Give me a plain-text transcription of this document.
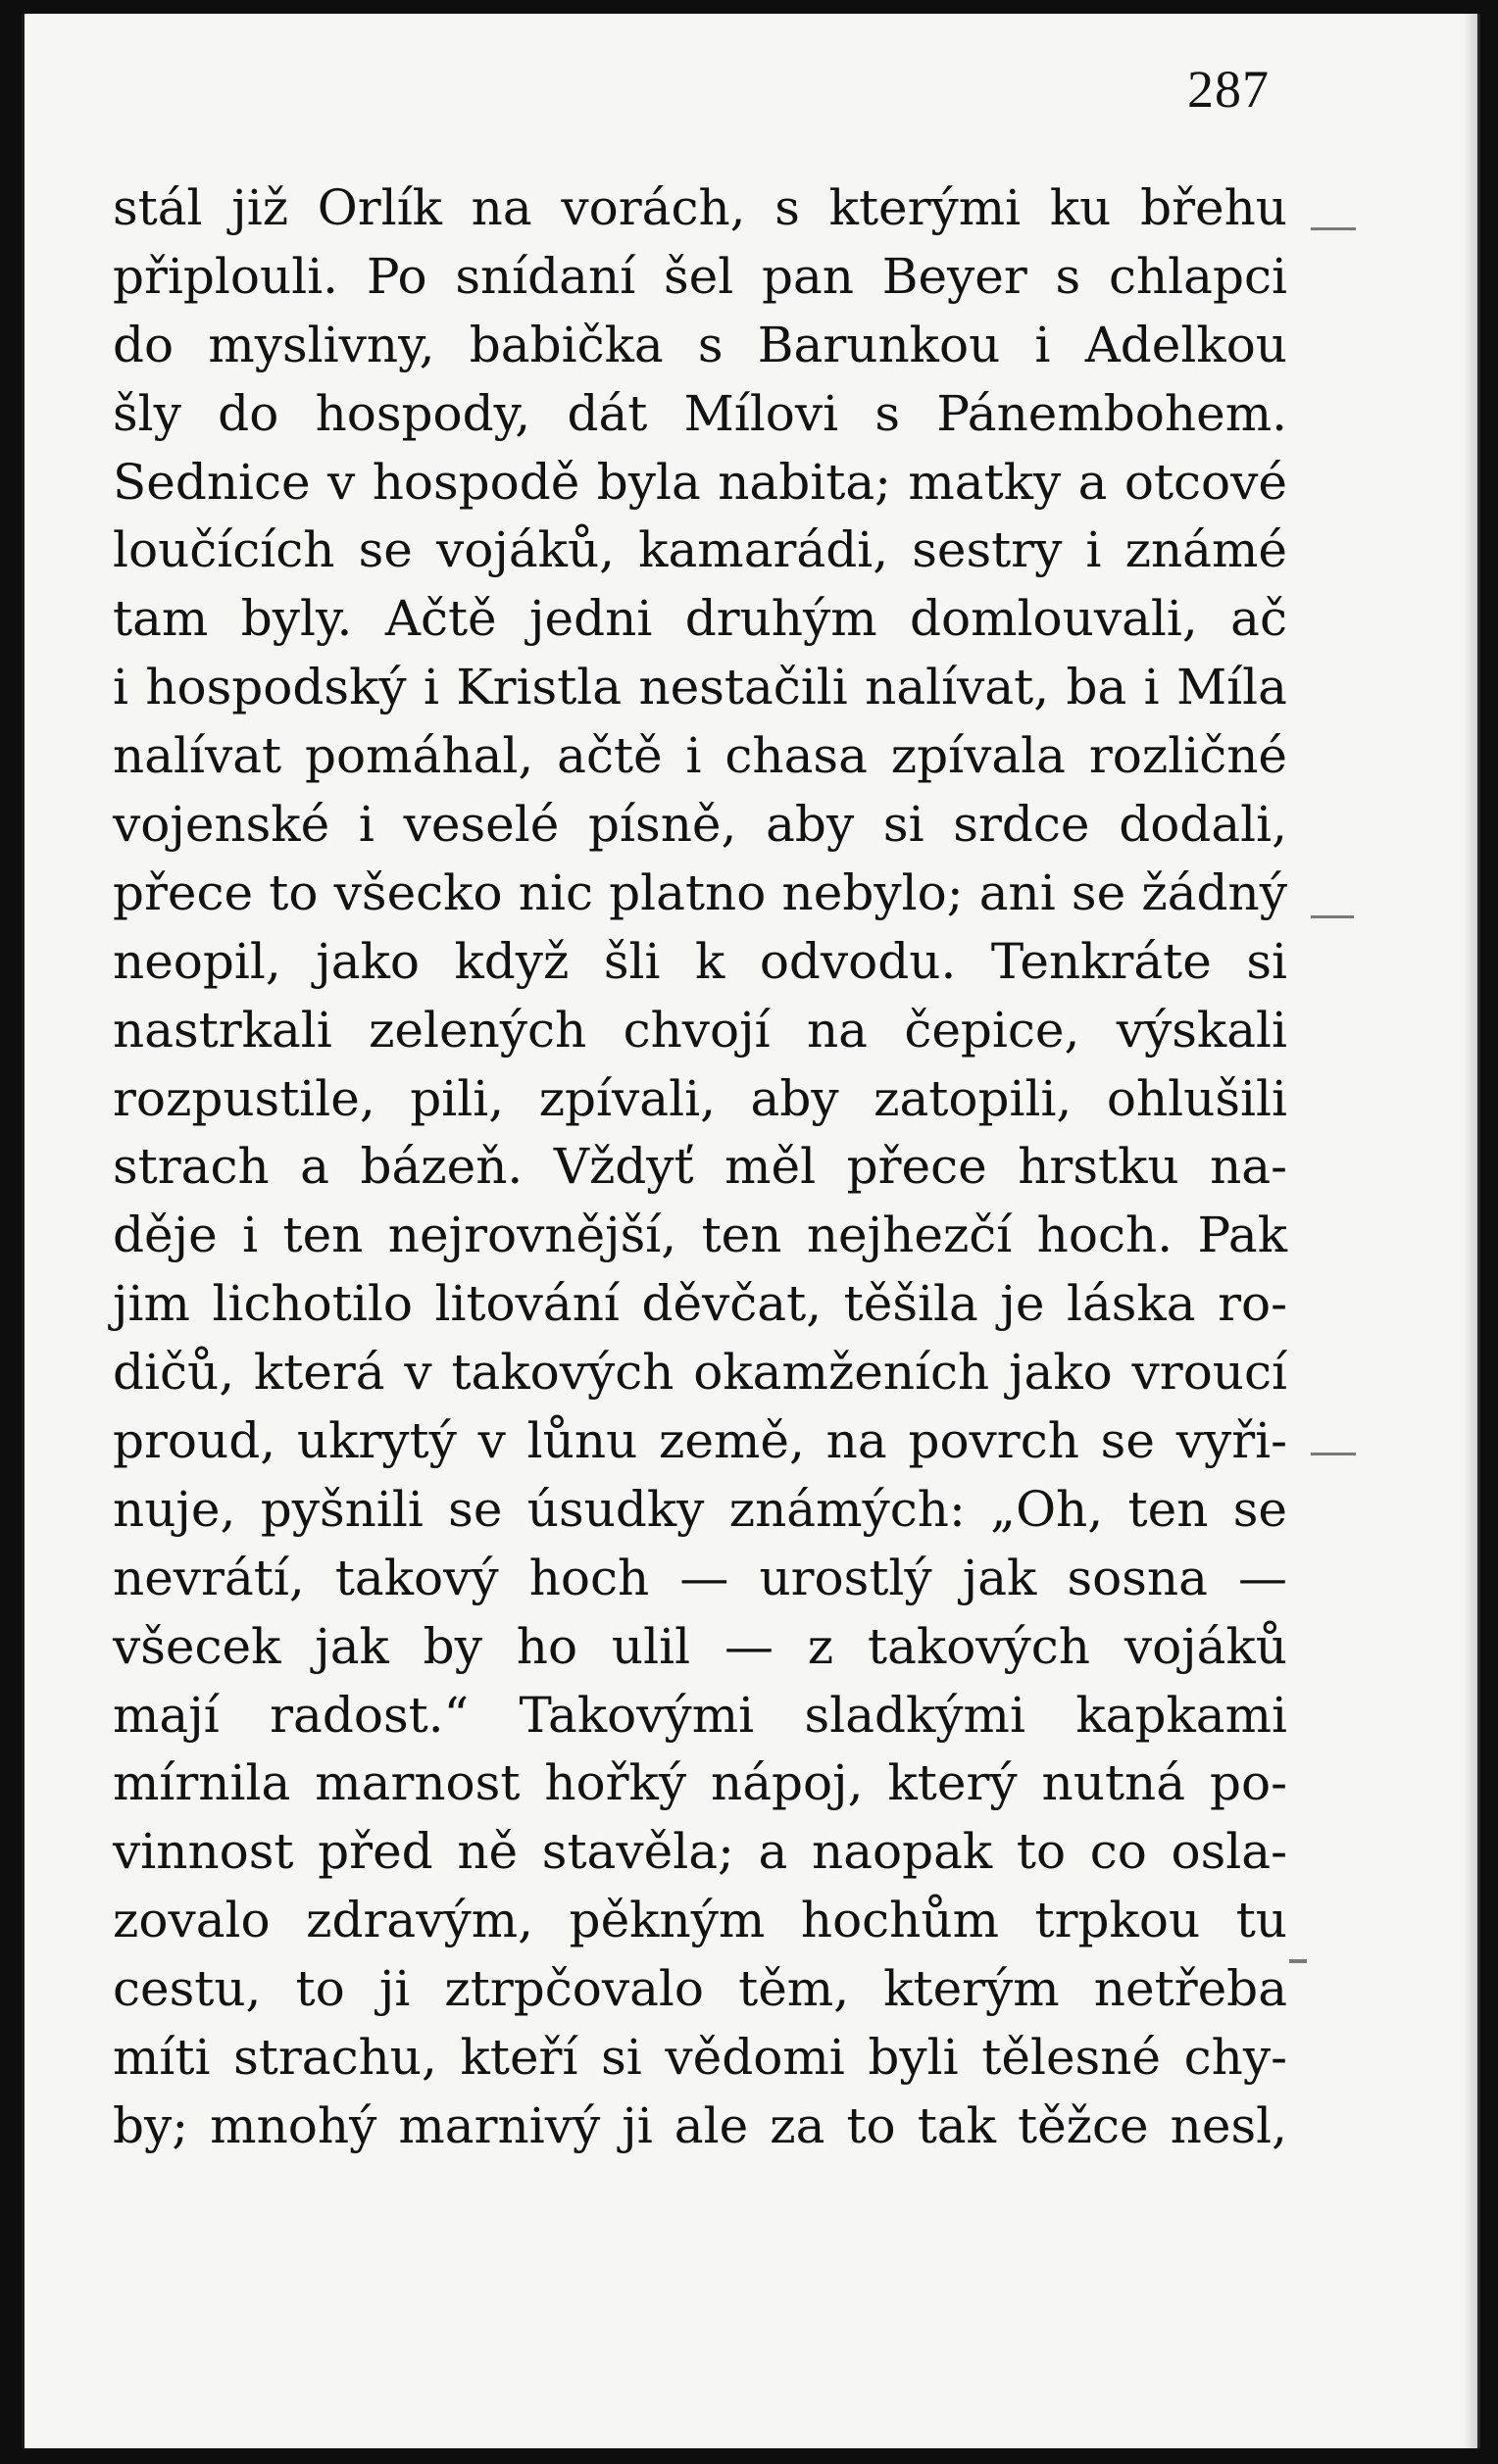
287
stál již Orlík na vorách, s kterými ku břehu
připlouli. Po snídaní šel pan Beyer s chlapci
do myslivny, babička s Barunkou i Adelkou
šly do hospody, dát Mílovi s Pánembohem.
Sednice v hospodě byla nabita; matky a otcové
loučících se vojáků, kamarádi, sestry i známé
tam byly. Ačtě jedni druhým domlouvali, ač
i hospodský i Kristla nestačili nalívat, ba i Míla
nalívat pomáhal, ačtě i chasa zpívala rozličné
vojenské i veselé písně, aby si srdce dodali,
přece to všecko nic platno nebylo; ani se žádný
neopil, jako když šli k odvodu. Tenkráte si
nastrkali zelených chvojí na čepice, výskali
rozpustile, pili, zpívali, aby zatopili, ohlušili
strach a bázeň. Vždyť měl přece hrstku na-
děje i ten nejrovnější, ten nejhezčí hoch. Pak
jim lichotilo litování děvčat, těšila je láska ro-
dičů, která v takových okamženích jako vroucí
proud, ukrytý v lůnu země, na povrch se vyři-
nuje, pyšnili se úsudky známých: „Oh, ten se
nevrátí, takový hoch — urostlý jak sosna —
všecek jak by ho ulil — z takových vojáků
mají radost.“ Takovými sladkými kapkami
mírnila marnost hořký nápoj, který nutná po-
vinnost před ně stavěla; a naopak to co osla-
zovalo zdravým, pěkným hochům trpkou tu
cestu, to ji ztrpčovalo těm, kterým netřeba
míti strachu, kteří si vědomi byli tělesné chy-
by; mnohý marnivý ji ale za to tak těžce nesl,
